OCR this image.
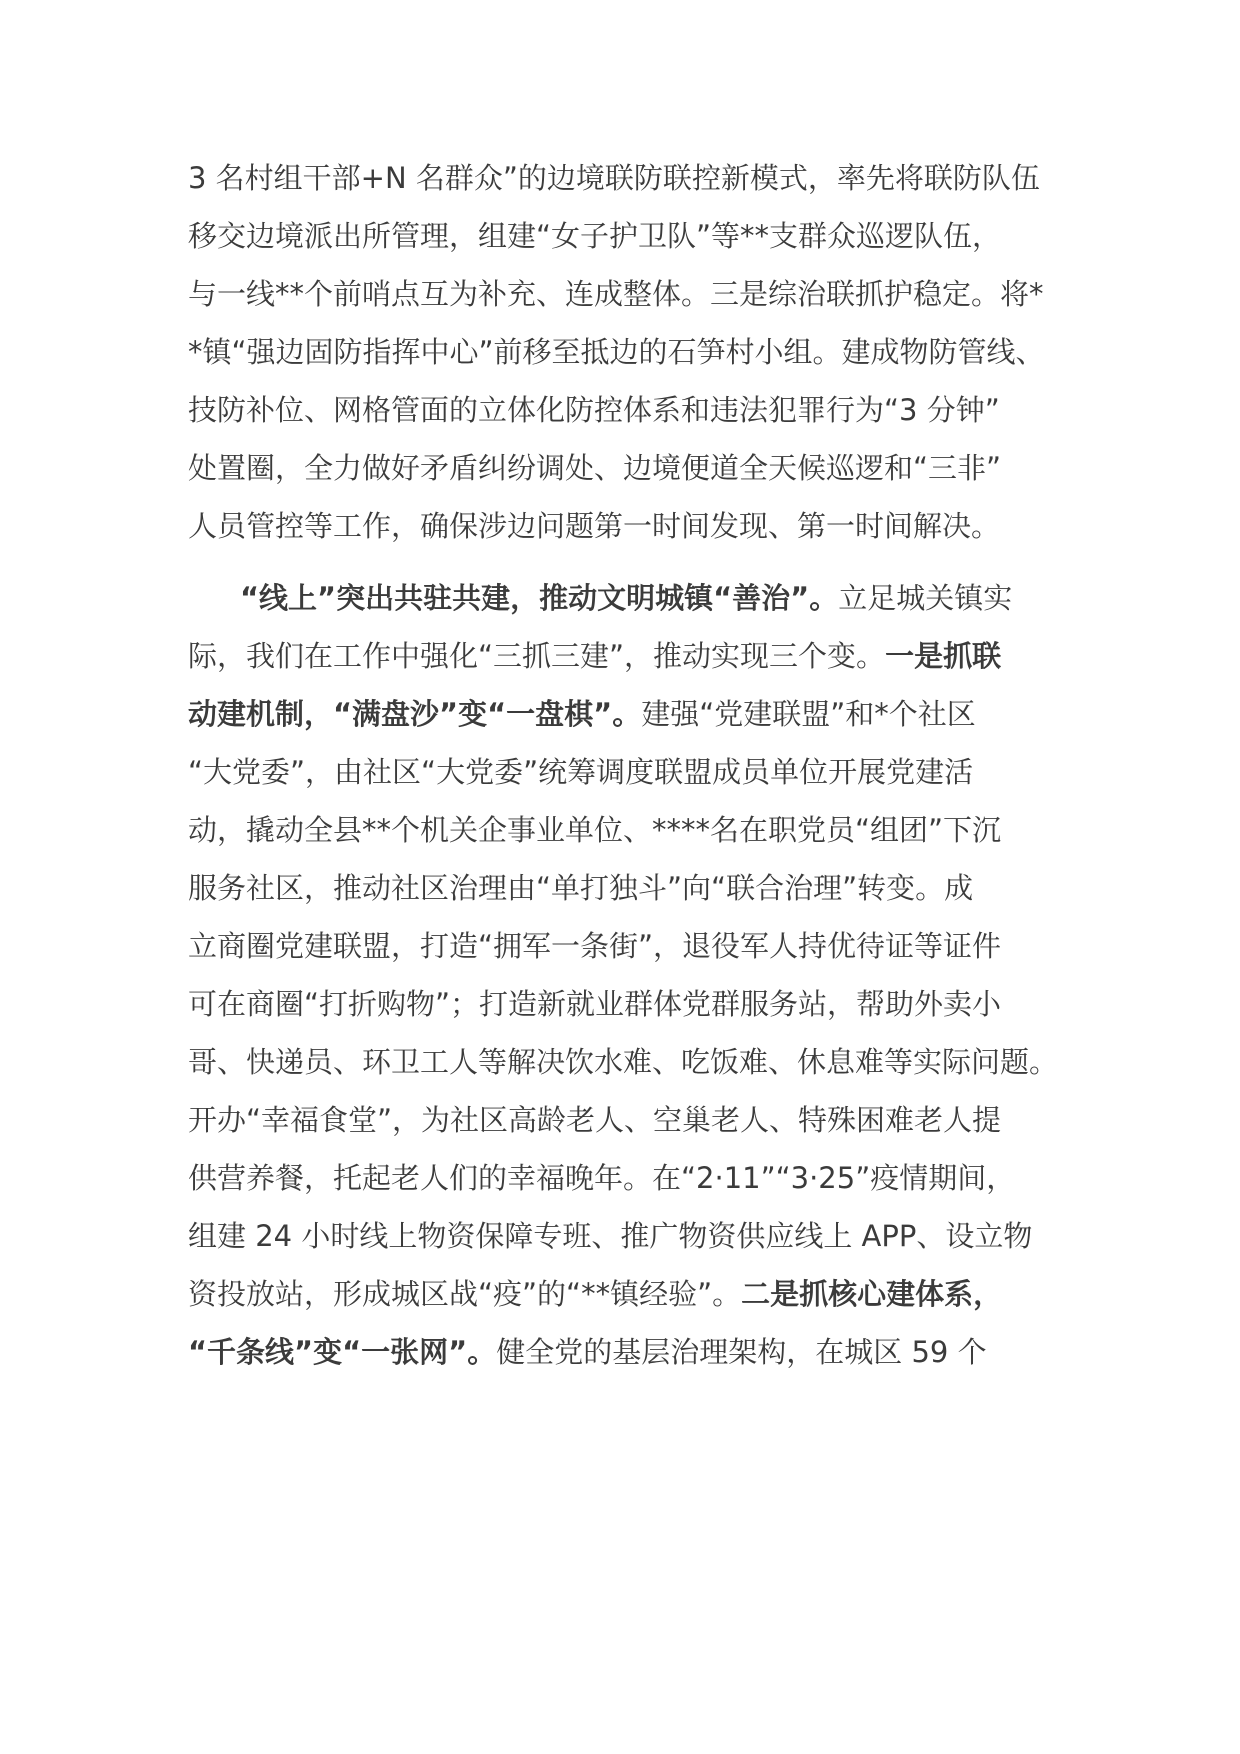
3 名村组干部+N 名群众”的边境联防联控新模式，率先将联防队伍
移交边境派出所管理，组建“女子护卫队”等**支群众巡逻队伍，
与一线**个前哨点互为补充、连成整体。三是综治联抓护稳定。将*
*镇“强边固防指挥中心”前移至抵边的石笋村小组。建成物防管线、
技防补位、网格管面的立体化防控体系和违法犯罪行为“3 分钟”
处置圈，全力做好矛盾纠纷调处、边境便道全天候巡逻和“三非”
人员管控等工作，确保涉边问题第一时间发现、第一时间解决。
“线上”突出共驻共建，推动文明城镇“善治”。立足城关镇实
际，我们在工作中强化“三抓三建”，推动实现三个变。一是抓联
动建机制，“满盘沙”变“一盘棋”。建强“党建联盟”和*个社区
“大党委”，由社区“大党委”统筹调度联盟成员单位开展党建活
动，撬动全县**个机关企事业单位、****名在职党员“组团”下沉
服务社区，推动社区治理由“单打独斗”向“联合治理”转变。成
立商圈党建联盟，打造“拥军一条街”，退役军人持优待证等证件
可在商圈“打折购物”；打造新就业群体党群服务站，帮助外卖小
哥、快递员、环卫工人等解决饮水难、吃饭难、休息难等实际问题。
开办“幸福食堂”，为社区高龄老人、空巢老人、特殊困难老人提
供营养餐，托起老人们的幸福晚年。在“2·11”“3·25”疫情期间，
组建 24 小时线上物资保障专班、推广物资供应线上 APP、设立物
资投放站，形成城区战“疫”的“**镇经验”。二是抓核心建体系，
“千条线”变“一张网”。健全党的基层治理架构，在城区 59 个
